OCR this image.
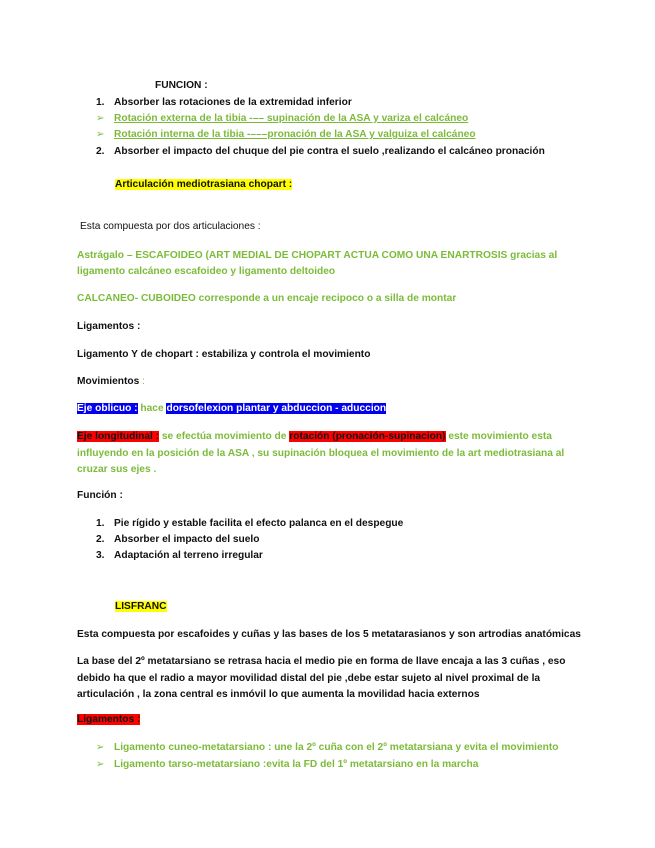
FUNCION :
1. Absorber las rotaciones de la extremidad inferior
➢ Rotación externa de la tibia -–– supinación de la ASA y variza el calcáneo
➢ Rotación interna de la tibia -–––pronación de la ASA y valguiza el calcáneo
2. Absorber el impacto del chuque del pie contra el suelo ,realizando el calcáneo pronación
Articulación mediotrasiana chopart :
Esta compuesta por dos articulaciones :
Astrágalo – ESCAFOIDEO (ART MEDIAL DE CHOPART ACTUA COMO UNA ENARTROSIS gracias al ligamento calcáneo escafoideo y ligamento deltoideo
CALCANEO- CUBOIDEO corresponde a un encaje recipoco o a silla de montar
Ligamentos :
Ligamento Y de chopart : estabiliza y controla el movimiento
Movimientos :
Eje oblicuo : hace dorsofelexion plantar y abduccion - aduccion
Eje longitudinal : se efectúa movimiento de rotación (pronación-supinacion) este movimiento esta influyendo en la posición de la ASA , su supinación bloquea el movimiento de la art mediotrasiana al cruzar sus ejes .
Función :
1. Pie rígido y estable facilita el efecto palanca en el despegue
2. Absorber el impacto del suelo
3. Adaptación al terreno irregular
LISFRANC
Esta compuesta por escafoides y cuñas y las bases de los 5 metatarasianos y son artrodias anatómicas
La base del 2º metatarsiano se retrasa hacia el medio pie en forma de llave encaja a las 3 cuñas , eso debido ha que el radio a mayor movilidad distal del pie ,debe estar sujeto al nivel proximal de la articulación , la zona central es inmóvil lo que aumenta la movilidad hacia externos
Ligamentos :
➢ Ligamento cuneo-metatarsiano : une la 2º cuña con el 2º metatarsiana y evita el movimiento
➢ Ligamento tarso-metatarsiano :evita la FD del 1º metatarsiano en la marcha
